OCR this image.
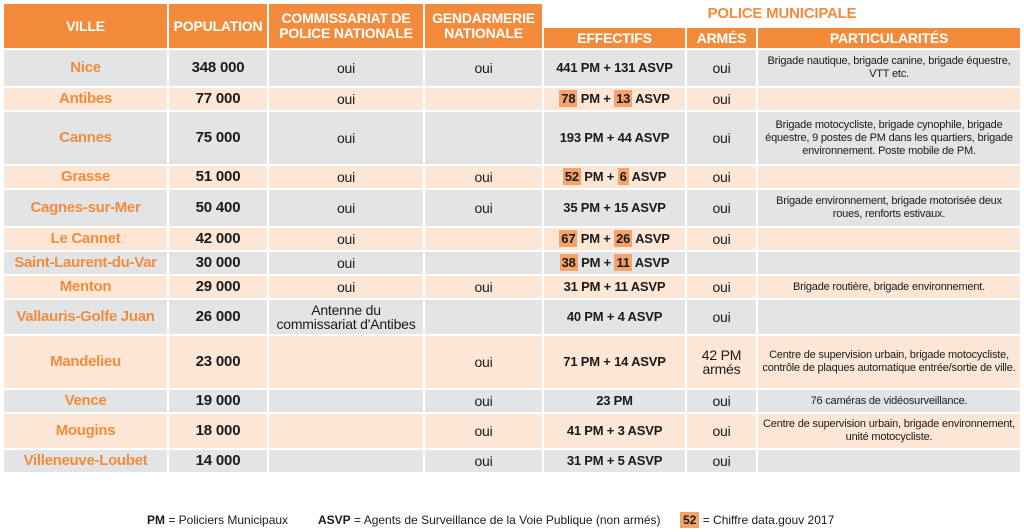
VILLE	POPULATION	COMMISSARIAT DE POLICE NATIONALE	GENDARMERIE NATIONALE	POLICE MUNICIPALE		
				EFFECTIFS	ARMÉS	PARTICULARITÉS
Nice	348 000	oui	oui	441 PM + 131 ASVP	oui	Brigade nautique, brigade canine, brigade équestre, VTT etc.
Antibes	77 000	oui		78 PM + 13 ASVP	oui	
Cannes	75 000	oui		193 PM + 44 ASVP	oui	Brigade motocycliste, brigade cynophile, brigade équestre, 9 postes de PM dans les quartiers, brigade environnement. Poste mobile de PM.
Grasse	51 000	oui	oui	52 PM + 6 ASVP	oui	
Cagnes-sur-Mer	50 400	oui	oui	35 PM + 15 ASVP	oui	Brigade environnement, brigade motorisée deux roues, renforts estivaux.
Le Cannet	42 000	oui		67 PM + 26 ASVP	oui	
Saint-Laurent-du-Var	30 000	oui		38 PM + 11 ASVP		
Menton	29 000	oui	oui	31 PM + 11 ASVP	oui	Brigade routière, brigade environnement.
Vallauris-Golfe Juan	26 000	Antenne du commissariat d'Antibes		40 PM + 4 ASVP	oui	
Mandelieu	23 000		oui	71 PM + 14 ASVP	42 PM armés	Centre de supervision urbain, brigade motocycliste, contrôle de plaques automatique entrée/sortie de ville.
Vence	19 000		oui	23 PM	oui	76 caméras de vidéosurveillance.
Mougins	18 000		oui	41 PM + 3 ASVP	oui	Centre de supervision urbain, brigade environnement, unité motocycliste.
Villeneuve-Loubet	14 000		oui	31 PM + 5 ASVP	oui	
PM = Policiers Municipaux ASVP = Agents de Surveillance de la Voie Publique (non armés) 52 = Chiffre data.gouv 2017
